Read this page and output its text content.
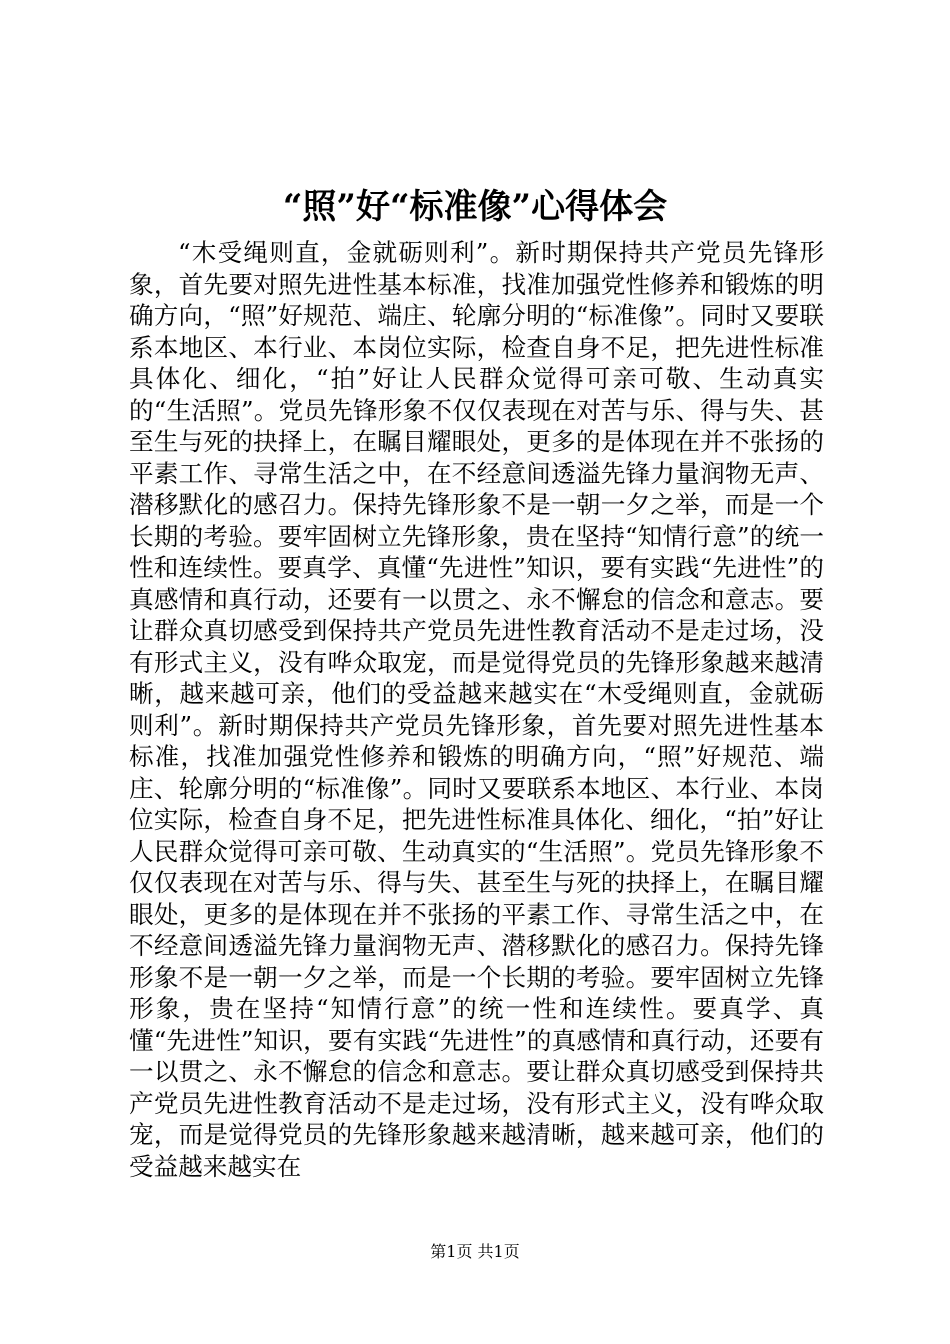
“照”好“标准像”心得体会

“木受绳则直，金就砺则利”。新时期保持共产党员先锋形象，首先要对照先进性基本标准，找准加强党性修养和锻炼的明确方向，“照”好规范、端庄、轮廓分明的“标准像”。同时又要联系本地区、本行业、本岗位实际，检查自身不足，把先进性标准具体化、细化，“拍”好让人民群众觉得可亲可敬、生动真实的“生活照”。党员先锋形象不仅仅表现在对苦与乐、得与失、甚至生与死的抉择上，在瞩目耀眼处，更多的是体现在并不张扬的平素工作、寻常生活之中，在不经意间透溢先锋力量润物无声、潜移默化的感召力。保持先锋形象不是一朝一夕之举，而是一个长期的考验。要牢固树立先锋形象，贵在坚持“知情行意”的统一性和连续性。要真学、真懂“先进性”知识，要有实践“先进性”的真感情和真行动，还要有一以贯之、永不懈怠的信念和意志。要让群众真切感受到保持共产党员先进性教育活动不是走过场，没有形式主义，没有哗众取宠，而是觉得党员的先锋形象越来越清晰，越来越可亲，他们的受益越来越实在“木受绳则直，金就砺则利”。新时期保持共产党员先锋形象，首先要对照先进性基本标准，找准加强党性修养和锻炼的明确方向，“照”好规范、端庄、轮廓分明的“标准像”。同时又要联系本地区、本行业、本岗位实际，检查自身不足，把先进性标准具体化、细化，“拍”好让人民群众觉得可亲可敬、生动真实的“生活照”。党员先锋形象不仅仅表现在对苦与乐、得与失、甚至生与死的抉择上，在瞩目耀眼处，更多的是体现在并不张扬的平素工作、寻常生活之中，在不经意间透溢先锋力量润物无声、潜移默化的感召力。保持先锋形象不是一朝一夕之举，而是一个长期的考验。要牢固树立先锋形象，贵在坚持“知情行意”的统一性和连续性。要真学、真懂“先进性”知识，要有实践“先进性”的真感情和真行动，还要有一以贯之、永不懈怠的信念和意志。要让群众真切感受到保持共产党员先进性教育活动不是走过场，没有形式主义，没有哗众取宠，而是觉得党员的先锋形象越来越清晰，越来越可亲，他们的受益越来越实在

第1页 共1页
